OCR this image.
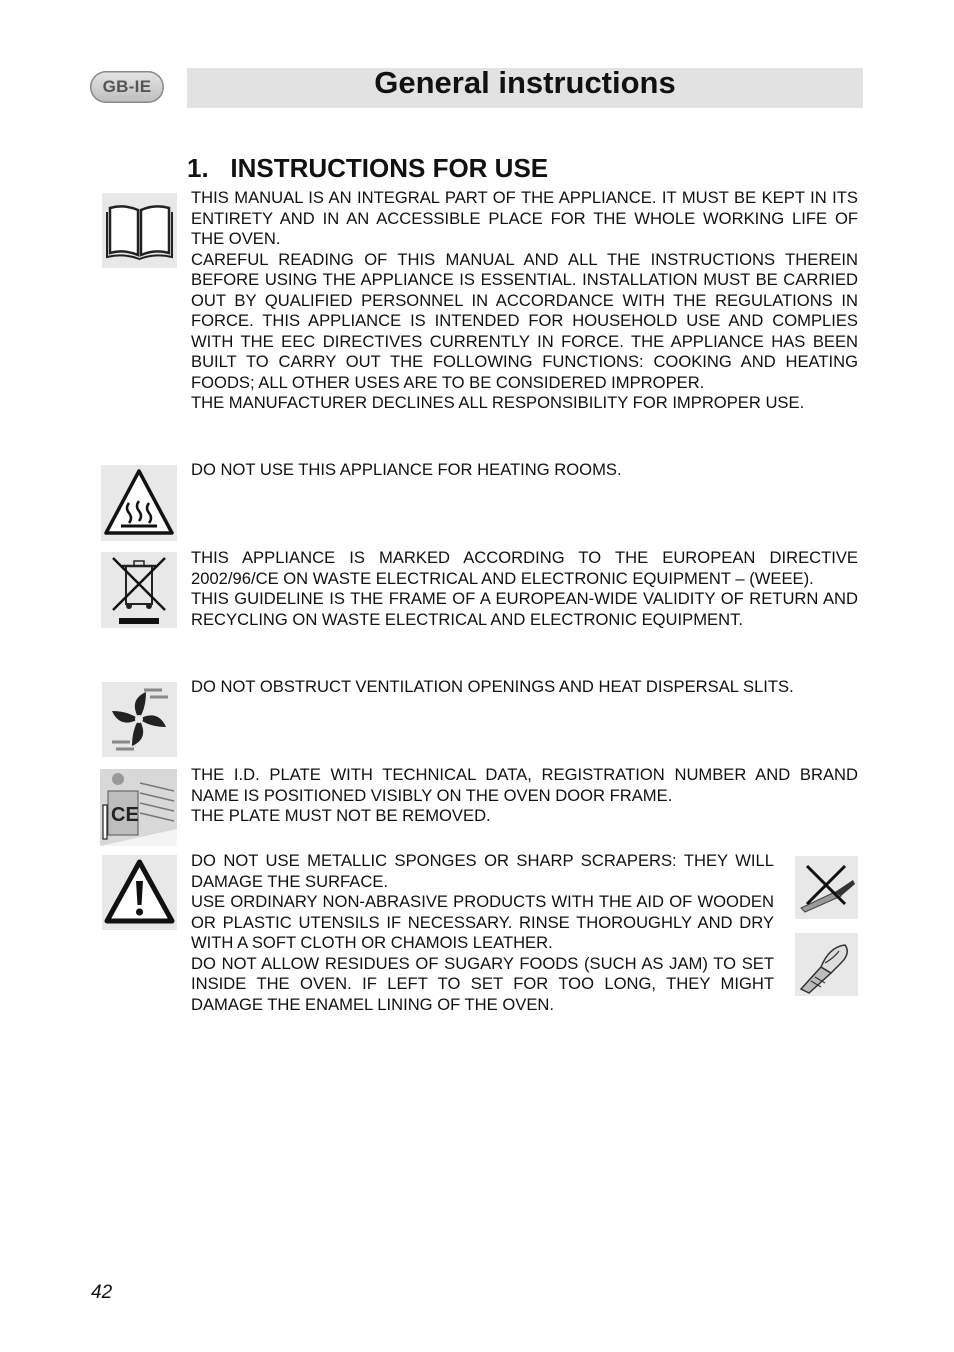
GB-IE	General instructions
1.   INSTRUCTIONS FOR USE

THIS MANUAL IS AN INTEGRAL PART OF THE APPLIANCE. IT MUST BE KEPT IN ITS ENTIRETY AND IN AN ACCESSIBLE PLACE FOR THE WHOLE WORKING LIFE OF THE OVEN.

CAREFUL READING OF THIS MANUAL AND ALL THE INSTRUCTIONS THEREIN BEFORE USING THE APPLIANCE IS ESSENTIAL. INSTALLATION MUST BE CARRIED OUT BY QUALIFIED PERSONNEL IN ACCORDANCE WITH THE REGULATIONS IN FORCE. THIS APPLIANCE IS INTENDED FOR HOUSEHOLD USE AND COMPLIES WITH THE EEC DIRECTIVES CURRENTLY IN FORCE. THE APPLIANCE HAS BEEN BUILT TO CARRY OUT THE FOLLOWING FUNCTIONS: COOKING AND HEATING FOODS; ALL OTHER USES ARE TO BE CONSIDERED IMPROPER.

THE MANUFACTURER DECLINES ALL RESPONSIBILITY FOR IMPROPER USE.

DO NOT USE THIS APPLIANCE FOR HEATING ROOMS.

THIS APPLIANCE IS MARKED ACCORDING TO THE EUROPEAN DIRECTIVE 2002/96/CE ON WASTE ELECTRICAL AND ELECTRONIC EQUIPMENT – (WEEE).

THIS GUIDELINE IS THE FRAME OF A EUROPEAN-WIDE VALIDITY OF RETURN AND RECYCLING ON WASTE ELECTRICAL AND ELECTRONIC EQUIPMENT.

DO NOT OBSTRUCT VENTILATION OPENINGS AND HEAT DISPERSAL SLITS.

CE

THE I.D. PLATE WITH TECHNICAL DATA, REGISTRATION NUMBER AND BRAND NAME IS POSITIONED VISIBLY ON THE OVEN DOOR FRAME.

THE PLATE MUST NOT BE REMOVED.

DO NOT USE METALLIC SPONGES OR SHARP SCRAPERS: THEY WILL DAMAGE THE SURFACE.

USE ORDINARY NON-ABRASIVE PRODUCTS WITH THE AID OF WOODEN OR PLASTIC UTENSILS IF NECESSARY. RINSE THOROUGHLY AND DRY WITH A SOFT CLOTH OR CHAMOIS LEATHER.

DO NOT ALLOW RESIDUES OF SUGARY FOODS (SUCH AS JAM) TO SET INSIDE THE OVEN. IF LEFT TO SET FOR TOO LONG, THEY MIGHT DAMAGE THE ENAMEL LINING OF THE OVEN.

42
